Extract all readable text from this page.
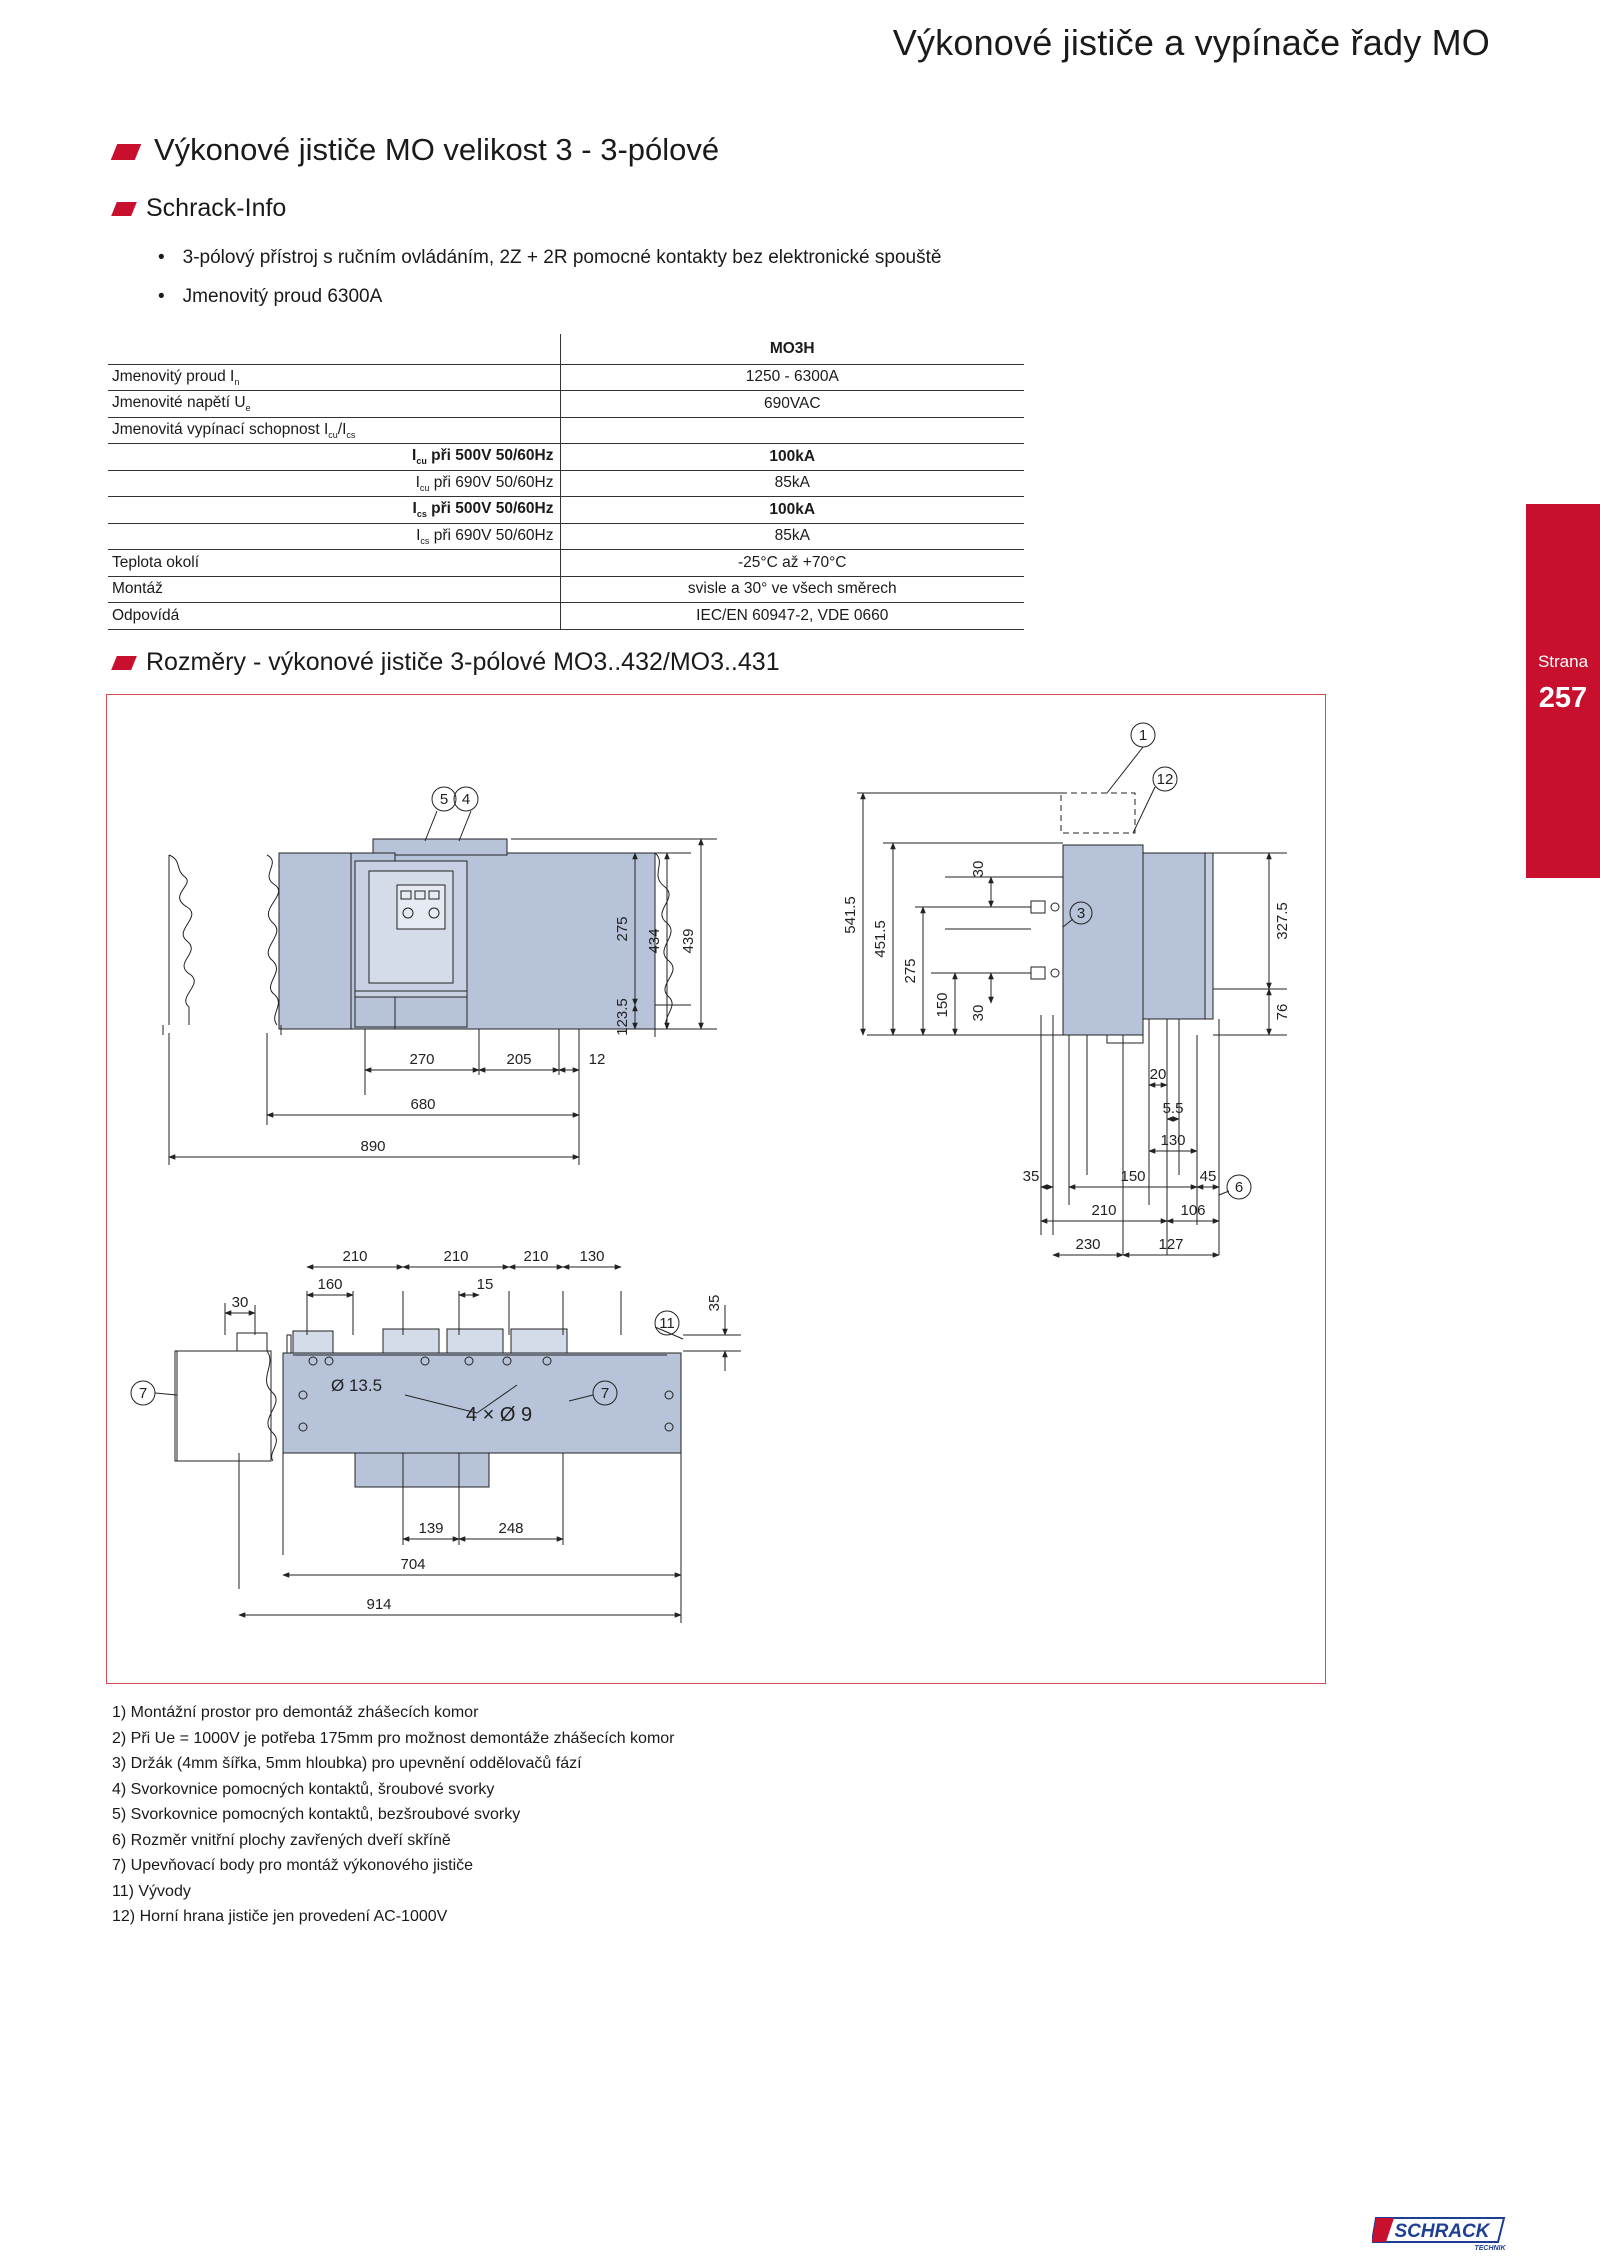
Výkonové jističe a vypínače řady MO
Výkonové jističe MO velikost 3 - 3-pólové
Schrack-Info
• 3-pólový přístroj s ručním ovládáním, 2Z + 2R pomocné kontakty bez elektronické spouště
• Jmenovitý proud 6300A
	MO3H
Jmenovitý proud $I_n$	1250 - 6300A
Jmenovité napětí $U_e$	690VAC
Jmenovitá vypínací schopnost $I_{cu}/I_{cs}$	
$I_{cu}$ při 500V 50/60Hz	100kA
$I_{cu}$ při 690V 50/60Hz	85kA
$I_{cs}$ při 500V 50/60Hz	100kA
$I_{cs}$ při 690V 50/60Hz	85kA
Teplota okolí	-25°C až +70°C
Montáž	svisle a 30° ve všech směrech
Odpovídá	IEC/EN 60947-2, VDE 0660
Rozměry - výkonové jističe 3-pólové MO3..432/MO3..431
5 4
270	205	12
680
890
275 434 439
123.5
1
12
3
6
541.5
451.5
275
150
30
30
327.5
76
20
5.5
130
35	150	45
210	106
230	127
210	210	210 130
30
160	15
35
11
7	7
Ø 13.5
4 × Ø 9
139	248
704
914
1) Montážní prostor pro demontáž zhášecích komor
2) Při Ue = 1000V je potřeba 175mm pro možnost demontáže zhášecích komor
3) Držák (4mm šířka, 5mm hloubka) pro upevnění oddělovačů fází
4) Svorkovnice pomocných kontaktů, šroubové svorky
5) Svorkovnice pomocných kontaktů, bezšroubové svorky
6) Rozměr vnitřní plochy zavřených dveří skříně
7) Upevňovací body pro montáž výkonového jističe
11) Vývody
12) Horní hrana jističe jen provedení AC-1000V
Strana
257
SCHRACK
TECHNIK
